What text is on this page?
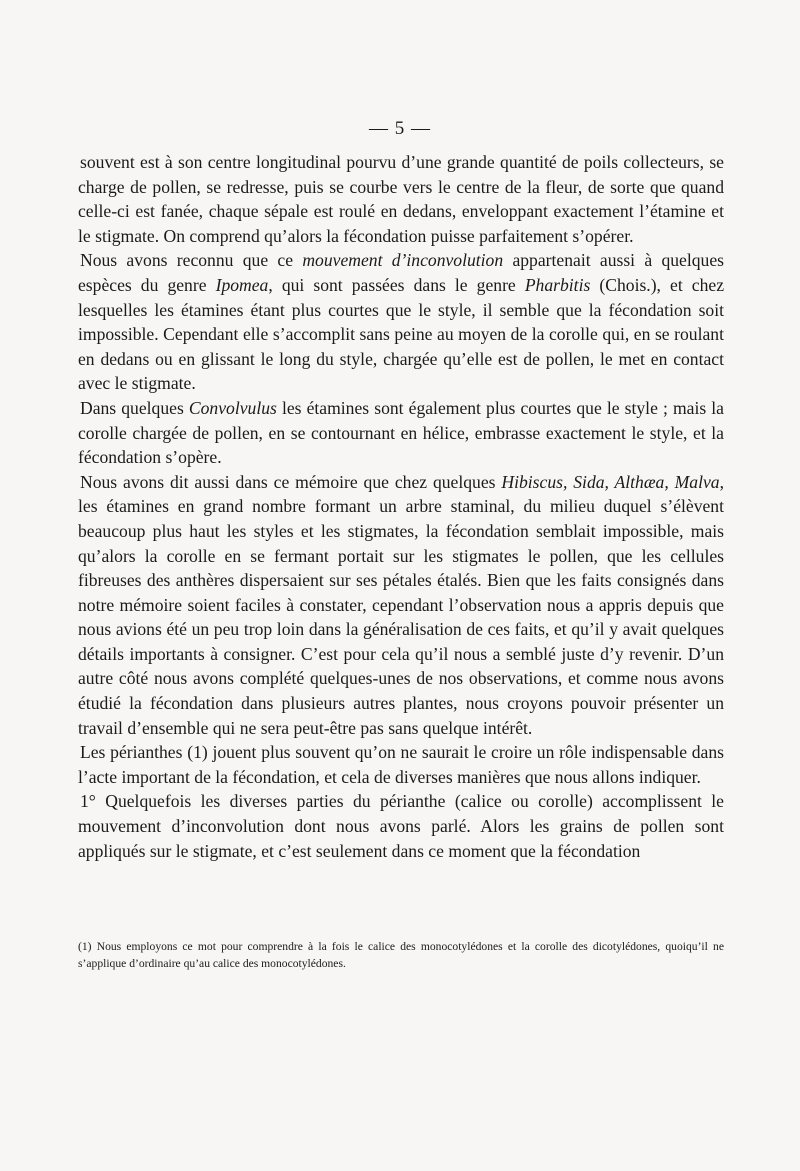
— 5 —

souvent est à son centre longitudinal pourvu d’une grande quantité de poils collecteurs, se charge de pollen, se redresse, puis se courbe vers le centre de la fleur, de sorte que quand celle-ci est fanée, chaque sépale est roulé en dedans, enveloppant exactement l’étamine et le stigmate. On comprend qu’alors la fécondation puisse parfaitement s’opérer.

Nous avons reconnu que ce mouvement d’inconvolution appartenait aussi à quelques espèces du genre Ipomea, qui sont passées dans le genre Pharbitis (Chois.), et chez lesquelles les étamines étant plus courtes que le style, il semble que la fécondation soit impossible. Cependant elle s’accomplit sans peine au moyen de la corolle qui, en se roulant en dedans ou en glissant le long du style, chargée qu’elle est de pollen, le met en contact avec le stigmate.

Dans quelques Convolvulus les étamines sont également plus courtes que le style ; mais la corolle chargée de pollen, en se contournant en hélice, embrasse exactement le style, et la fécondation s’opère.

Nous avons dit aussi dans ce mémoire que chez quelques Hibiscus, Sida, Althæa, Malva, les étamines en grand nombre formant un arbre staminal, du milieu duquel s’élèvent beaucoup plus haut les styles et les stigmates, la fécondation semblait impossible, mais qu’alors la corolle en se fermant portait sur les stigmates le pollen, que les cellules fibreuses des anthères dispersaient sur ses pétales étalés. Bien que les faits consignés dans notre mémoire soient faciles à constater, cependant l’observation nous a appris depuis que nous avions été un peu trop loin dans la généralisation de ces faits, et qu’il y avait quelques détails importants à consigner. C’est pour cela qu’il nous a semblé juste d’y revenir. D’un autre côté nous avons complété quelques-unes de nos observations, et comme nous avons étudié la fécondation dans plusieurs autres plantes, nous croyons pouvoir présenter un travail d’ensemble qui ne sera peut-être pas sans quelque intérêt.

Les périanthes (1) jouent plus souvent qu’on ne saurait le croire un rôle indispensable dans l’acte important de la fécondation, et cela de diverses manières que nous allons indiquer.

1° Quelquefois les diverses parties du périanthe (calice ou corolle) accomplissent le mouvement d’inconvolution dont nous avons parlé. Alors les grains de pollen sont appliqués sur le stigmate, et c’est seulement dans ce moment que la fécondation

(1) Nous employons ce mot pour comprendre à la fois le calice des monocotylédones et la corolle des dicotylédones, quoiqu’il ne s’applique d’ordinaire qu’au calice des monocotylédones.
